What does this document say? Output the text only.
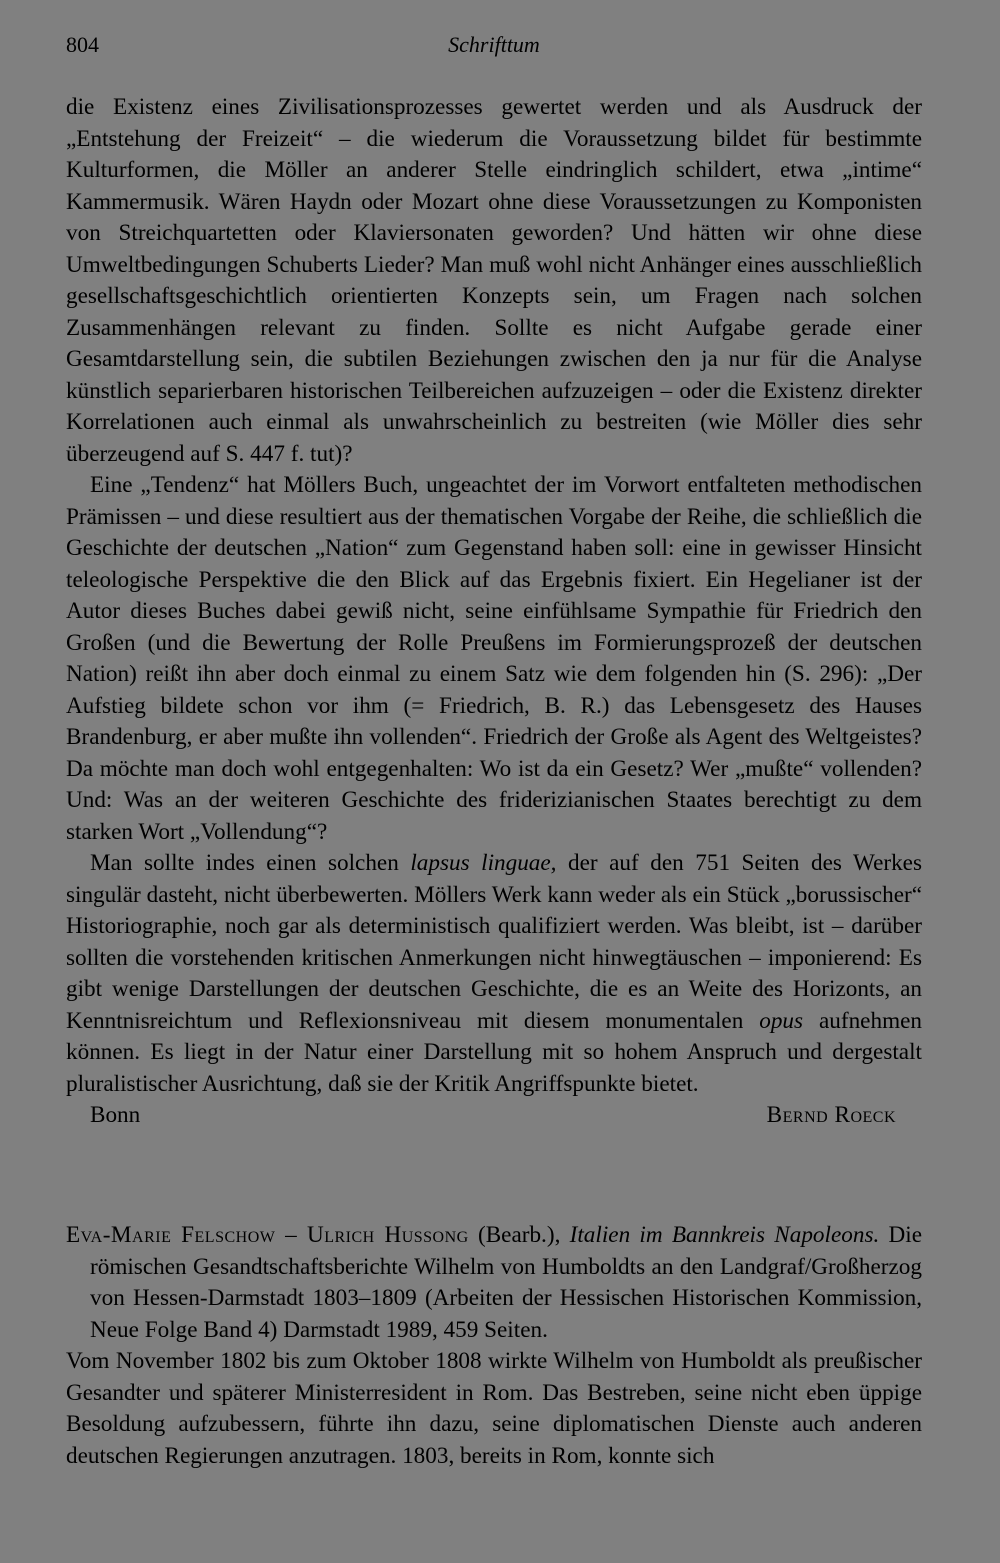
804	Schrifttum

die Existenz eines Zivilisationsprozesses gewertet werden und als Ausdruck der „Entstehung der Freizeit“ – die wiederum die Voraussetzung bildet für bestimmte Kulturformen, die Möller an anderer Stelle eindringlich schildert, etwa „intime“ Kammermusik. Wären Haydn oder Mozart ohne diese Voraussetzungen zu Komponisten von Streichquartetten oder Klaviersonaten geworden? Und hätten wir ohne diese Umweltbedingungen Schuberts Lieder? Man muß wohl nicht Anhänger eines ausschließlich gesellschaftsgeschichtlich orientierten Konzepts sein, um Fragen nach solchen Zusammenhängen relevant zu finden. Sollte es nicht Aufgabe gerade einer Gesamtdarstellung sein, die subtilen Beziehungen zwischen den ja nur für die Analyse künstlich separierbaren historischen Teilbereichen aufzuzeigen – oder die Existenz direkter Korrelationen auch einmal als unwahrscheinlich zu bestreiten (wie Möller dies sehr überzeugend auf S. 447 f. tut)?

Eine „Tendenz“ hat Möllers Buch, ungeachtet der im Vorwort entfalteten methodischen Prämissen – und diese resultiert aus der thematischen Vorgabe der Reihe, die schließlich die Geschichte der deutschen „Nation“ zum Gegenstand haben soll: eine in gewisser Hinsicht teleologische Perspektive die den Blick auf das Ergebnis fixiert. Ein Hegelianer ist der Autor dieses Buches dabei gewiß nicht, seine einfühlsame Sympathie für Friedrich den Großen (und die Bewertung der Rolle Preußens im Formierungsprozeß der deutschen Nation) reißt ihn aber doch einmal zu einem Satz wie dem folgenden hin (S. 296): „Der Aufstieg bildete schon vor ihm (= Friedrich, B. R.) das Lebensgesetz des Hauses Brandenburg, er aber mußte ihn vollenden“. Friedrich der Große als Agent des Weltgeistes? Da möchte man doch wohl entgegenhalten: Wo ist da ein Gesetz? Wer „mußte“ vollenden? Und: Was an der weiteren Geschichte des friderizianischen Staates berechtigt zu dem starken Wort „Vollendung“?

Man sollte indes einen solchen lapsus linguae, der auf den 751 Seiten des Werkes singulär dasteht, nicht überbewerten. Möllers Werk kann weder als ein Stück „borussischer“ Historiographie, noch gar als deterministisch qualifiziert werden. Was bleibt, ist – darüber sollten die vorstehenden kritischen Anmerkungen nicht hinwegtäuschen – imponierend: Es gibt wenige Darstellungen der deutschen Geschichte, die es an Weite des Horizonts, an Kenntnisreichtum und Reflexionsniveau mit diesem monumentalen opus aufnehmen können. Es liegt in der Natur einer Darstellung mit so hohem Anspruch und dergestalt pluralistischer Ausrichtung, daß sie der Kritik Angriffspunkte bietet.

Bonn	Bernd Roeck

Eva-Marie Felschow – Ulrich Hussong (Bearb.), Italien im Bannkreis Napoleons. Die römischen Gesandtschaftsberichte Wilhelm von Humboldts an den Landgraf/Großherzog von Hessen-Darmstadt 1803–1809 (Arbeiten der Hessischen Historischen Kommission, Neue Folge Band 4) Darmstadt 1989, 459 Seiten.

Vom November 1802 bis zum Oktober 1808 wirkte Wilhelm von Humboldt als preußischer Gesandter und späterer Ministerresident in Rom. Das Bestreben, seine nicht eben üppige Besoldung aufzubessern, führte ihn dazu, seine diplomatischen Dienste auch anderen deutschen Regierungen anzutragen. 1803, bereits in Rom, konnte sich
